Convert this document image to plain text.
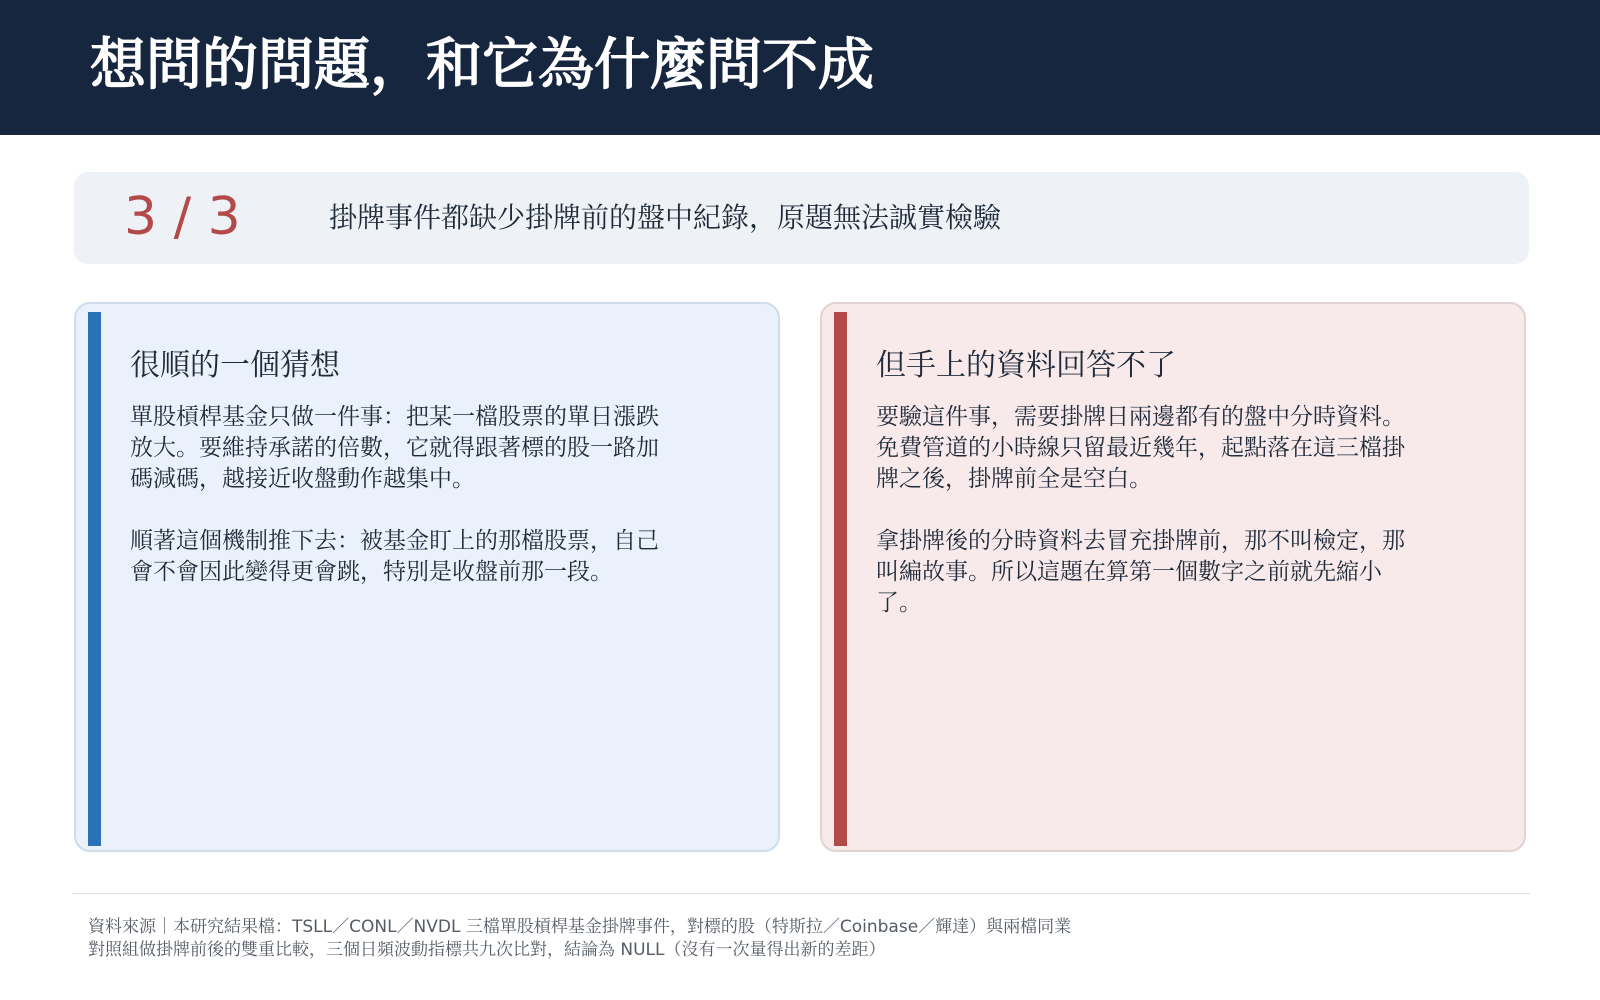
想問的問題，和它為什麼問不成
3 / 3	掛牌事件都缺少掛牌前的盤中紀錄，原題無法誠實檢驗
很順的一個猜想

單股槓桿基金只做一件事：把某一檔股票的單日漲跌放大。要維持承諾的倍數，它就得跟著標的股一路加碼減碼，越接近收盤動作越集中。

順著這個機制推下去：被基金盯上的那檔股票，自己會不會因此變得更會跳，特別是收盤前那一段。

但手上的資料回答不了

要驗這件事，需要掛牌日兩邊都有的盤中分時資料。免費管道的小時線只留最近幾年，起點落在這三檔掛牌之後，掛牌前全是空白。

拿掛牌後的分時資料去冒充掛牌前，那不叫檢定，那叫編故事。所以這題在算第一個數字之前就先縮小了。

資料來源｜本研究結果檔：TSLL／CONL／NVDL 三檔單股槓桿基金掛牌事件，對標的股（特斯拉／Coinbase／輝達）與兩檔同業
對照組做掛牌前後的雙重比較，三個日頻波動指標共九次比對，結論為 NULL（沒有一次量得出新的差距）
